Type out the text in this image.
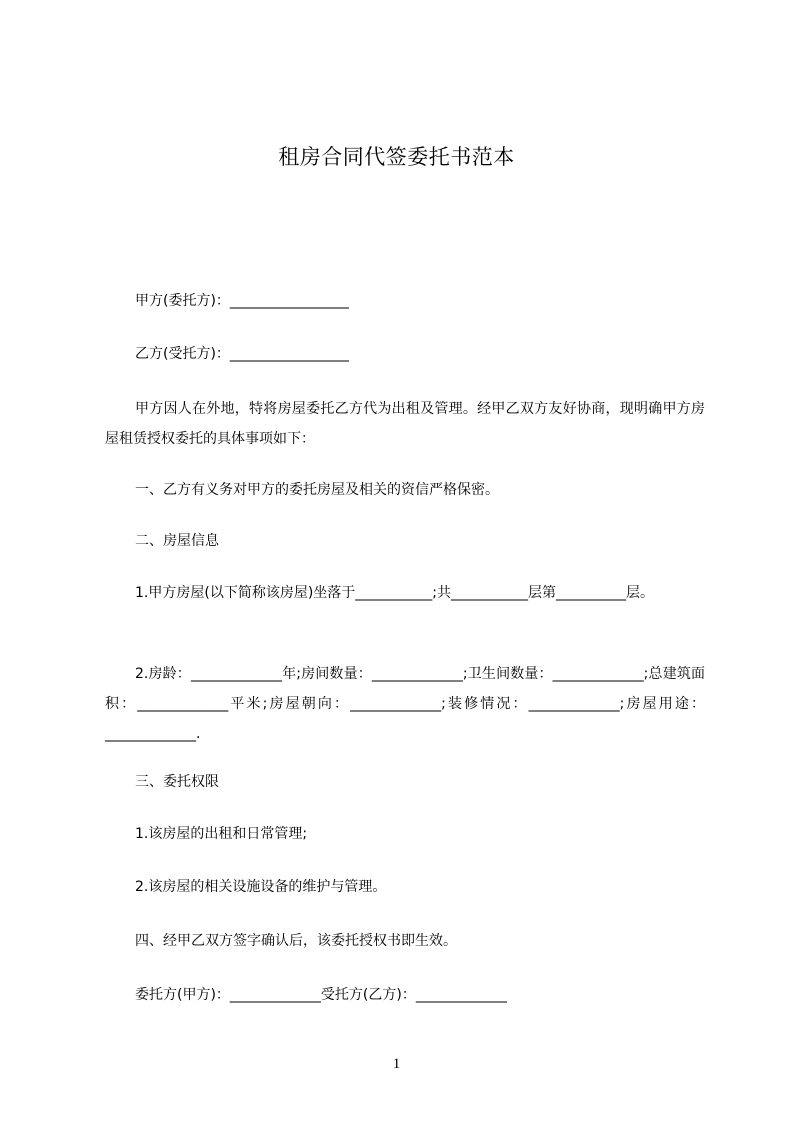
租房合同代签委托书范本
甲方(委托方)：_________________
乙方(受托方)：_________________
甲方因人在外地，特将房屋委托乙方代为出租及管理。经甲乙双方友好协商，现明确甲方房屋租赁授权委托的具体事项如下：
一、乙方有义务对甲方的委托房屋及相关的资信严格保密。
二、房屋信息
1.甲方房屋(以下简称该房屋)坐落于___________;共___________层第__________层。
2.房龄：_____________年;房间数量：_____________;卫生间数量：_____________;总建筑面积：_____________平米;房屋朝向：_____________;装修情况：_____________;房屋用途：_____________.
三、委托权限
1.该房屋的出租和日常管理;
2.该房屋的相关设施设备的维护与管理。
四、经甲乙双方签字确认后，该委托授权书即生效。
委托方(甲方)：_____________受托方(乙方)：_____________
1
